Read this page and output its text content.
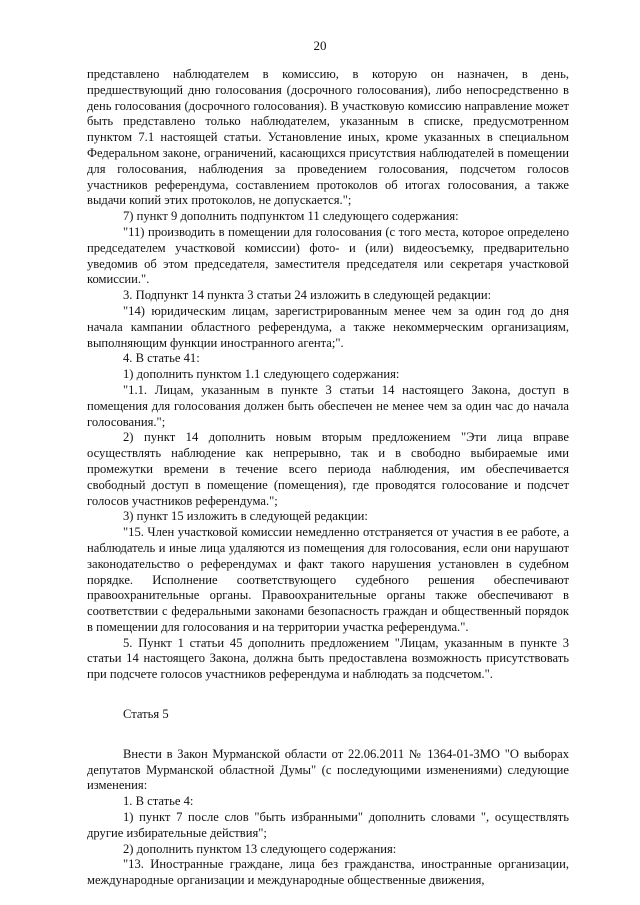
20

представлено наблюдателем в комиссию, в которую он назначен, в день, предшествующий дню голосования (досрочного голосования), либо непосредственно в день голосования (досрочного голосования). В участковую комиссию направление может быть представлено только наблюдателем, указанным в списке, предусмотренном пунктом 7.1 настоящей статьи. Установление иных, кроме указанных в специальном Федеральном законе, ограничений, касающихся присутствия наблюдателей в помещении для голосования, наблюдения за проведением голосования, подсчетом голосов участников референдума, составлением протоколов об итогах голосования, а также выдачи копий этих протоколов, не допускается.";

7) пункт 9 дополнить подпунктом 11 следующего содержания:

"11) производить в помещении для голосования (с того места, которое определено председателем участковой комиссии) фото- и (или) видеосъемку, предварительно уведомив об этом председателя, заместителя председателя или секретаря участковой комиссии.".

3. Подпункт 14 пункта 3 статьи 24 изложить в следующей редакции:

"14) юридическим лицам, зарегистрированным менее чем за один год до дня начала кампании областного референдума, а также некоммерческим организациям, выполняющим функции иностранного агента;".

4. В статье 41:

1) дополнить пунктом 1.1 следующего содержания:

"1.1. Лицам, указанным в пункте 3 статьи 14 настоящего Закона, доступ в помещения для голосования должен быть обеспечен не менее чем за один час до начала голосования.";

2) пункт 14 дополнить новым вторым предложением "Эти лица вправе осуществлять наблюдение как непрерывно, так и в свободно выбираемые ими промежутки времени в течение всего периода наблюдения, им обеспечивается свободный доступ в помещение (помещения), где проводятся голосование и подсчет голосов участников референдума.";

3) пункт 15 изложить в следующей редакции:

"15. Член участковой комиссии немедленно отстраняется от участия в ее работе, а наблюдатель и иные лица удаляются из помещения для голосования, если они нарушают законодательство о референдумах и факт такого нарушения установлен в судебном порядке. Исполнение соответствующего судебного решения обеспечивают правоохранительные органы. Правоохранительные органы также обеспечивают в соответствии с федеральными законами безопасность граждан и общественный порядок в помещении для голосования и на территории участка референдума.".

5. Пункт 1 статьи 45 дополнить предложением "Лицам, указанным в пункте 3 статьи 14 настоящего Закона, должна быть предоставлена возможность присутствовать при подсчете голосов участников референдума и наблюдать за подсчетом.".

Статья 5

Внести в Закон Мурманской области от 22.06.2011 № 1364-01-ЗМО "О выборах депутатов Мурманской областной Думы" (с последующими изменениями) следующие изменения:

1. В статье 4:

1) пункт 7 после слов "быть избранными" дополнить словами ", осуществлять другие избирательные действия";

2) дополнить пунктом 13 следующего содержания:

"13. Иностранные граждане, лица без гражданства, иностранные организации, международные организации и международные общественные движения,
